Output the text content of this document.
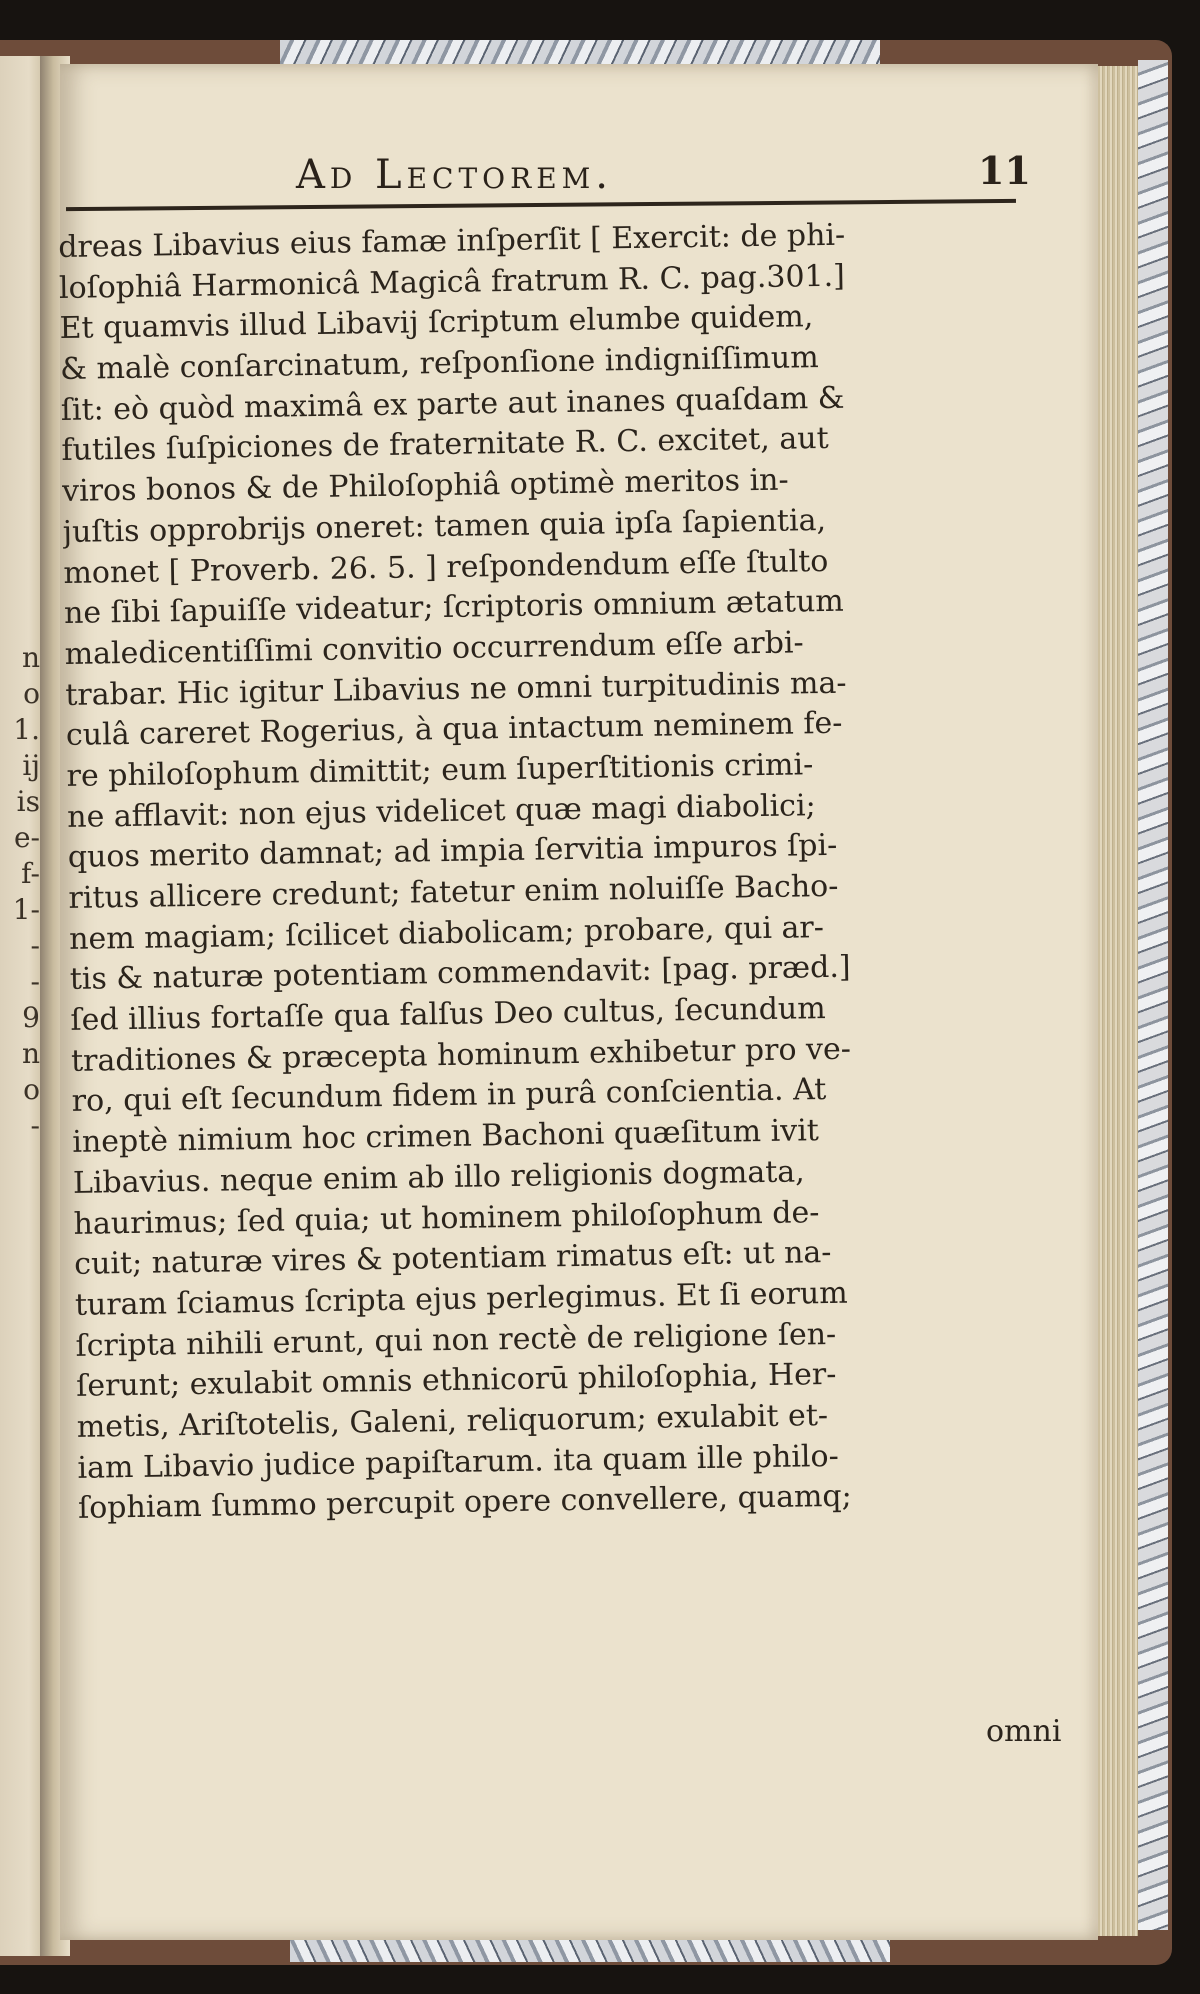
n
o
1.
ij
is
e-
f-
1-
-
-
9
n
o
-
Ad Lectorem.	11
dreas Libavius eius famæ inſperſit [ Exercit: de phi-
loſophiâ Harmonicâ Magicâ fratrum R. C. pag.301.]
Et quamvis illud Libavij ſcriptum elumbe quidem,
& malè conſarcinatum, reſponſione indigniſſimum
ſit: eò quòd maximâ ex parte aut inanes quaſdam &
futiles ſuſpiciones de fraternitate R. C. excitet, aut
viros bonos & de Philoſophiâ optimè meritos in-
juſtis opprobrijs oneret: tamen quia ipſa ſapientia,
monet [ Proverb. 26. 5. ] reſpondendum eſſe ſtulto
ne ſibi ſapuiſſe videatur; ſcriptoris omnium ætatum
maledicentiſſimi convitio occurrendum eſſe arbi-
trabar. Hic igitur Libavius ne omni turpitudinis ma-
culâ careret Rogerius, à qua intactum neminem fe-
re philoſophum dimittit; eum ſuperſtitionis crimi-
ne afflavit: non ejus videlicet quæ magi diabolici;
quos merito damnat; ad impia ſervitia impuros ſpi-
ritus allicere credunt; fatetur enim noluiſſe Bacho-
nem magiam; ſcilicet diabolicam; probare, qui ar-
tis & naturæ potentiam commendavit: [pag. præd.]
ſed illius fortaſſe qua falſus Deo cultus, ſecundum
traditiones & præcepta hominum exhibetur pro ve-
ro, qui eſt ſecundum fidem in purâ conſcientia. At
ineptè nimium hoc crimen Bachoni quæſitum ivit
Libavius. neque enim ab illo religionis dogmata,
haurimus; ſed quia; ut hominem philoſophum de-
cuit; naturæ vires & potentiam rimatus eſt: ut na-
turam ſciamus ſcripta ejus perlegimus. Et ſi eorum
ſcripta nihili erunt, qui non rectè de religione ſen-
ſerunt; exulabit omnis ethnicorū philoſophia, Her-
metis, Ariſtotelis, Galeni, reliquorum; exulabit et-
iam Libavio judice papiſtarum. ita quam ille philo-
ſophiam ſummo percupit opere convellere, quamq;
omni
